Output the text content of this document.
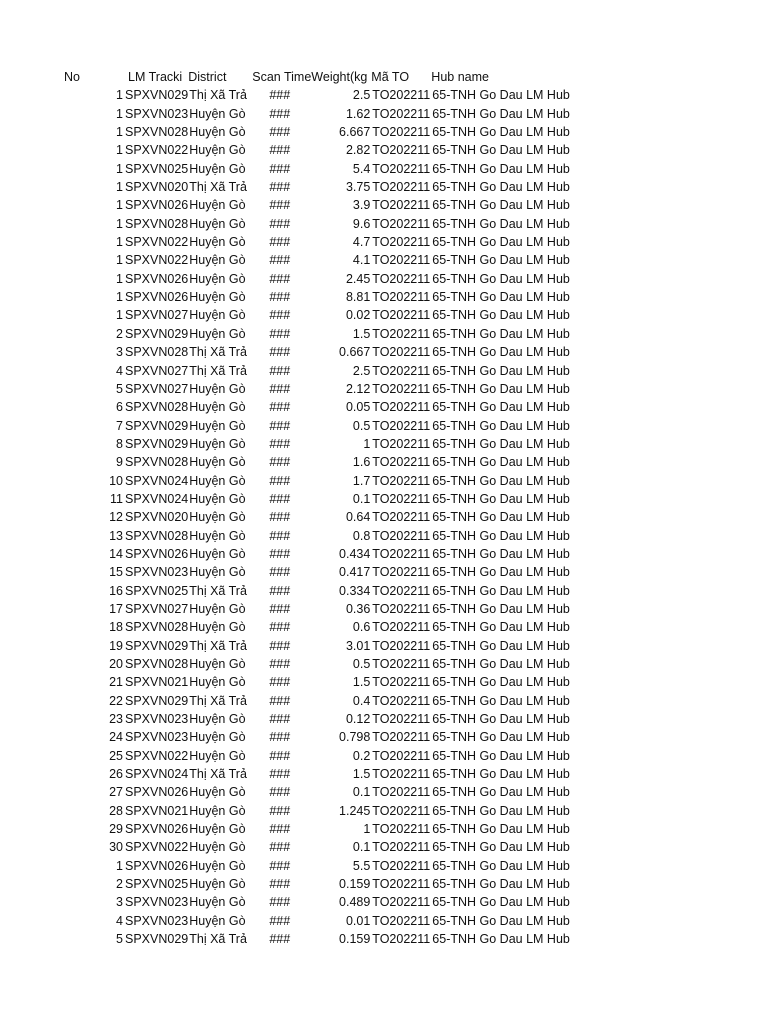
No	LM Tracki	District	Scan Time	Weight(kg	Mã TO	Hub name
1	SPXVN029	Thị Xã Trả	###	2.5	TO202211	65-TNH Go Dau LM Hub
1	SPXVN023	Huyện Gò	###	1.62	TO202211	65-TNH Go Dau LM Hub
1	SPXVN028	Huyện Gò	###	6.667	TO202211	65-TNH Go Dau LM Hub
1	SPXVN022	Huyện Gò	###	2.82	TO202211	65-TNH Go Dau LM Hub
1	SPXVN025	Huyện Gò	###	5.4	TO202211	65-TNH Go Dau LM Hub
1	SPXVN020	Thị Xã Trả	###	3.75	TO202211	65-TNH Go Dau LM Hub
1	SPXVN026	Huyện Gò	###	3.9	TO202211	65-TNH Go Dau LM Hub
1	SPXVN028	Huyện Gò	###	9.6	TO202211	65-TNH Go Dau LM Hub
1	SPXVN022	Huyện Gò	###	4.7	TO202211	65-TNH Go Dau LM Hub
1	SPXVN022	Huyện Gò	###	4.1	TO202211	65-TNH Go Dau LM Hub
1	SPXVN026	Huyện Gò	###	2.45	TO202211	65-TNH Go Dau LM Hub
1	SPXVN026	Huyện Gò	###	8.81	TO202211	65-TNH Go Dau LM Hub
1	SPXVN027	Huyện Gò	###	0.02	TO202211	65-TNH Go Dau LM Hub
2	SPXVN029	Huyện Gò	###	1.5	TO202211	65-TNH Go Dau LM Hub
3	SPXVN028	Thị Xã Trả	###	0.667	TO202211	65-TNH Go Dau LM Hub
4	SPXVN027	Thị Xã Trả	###	2.5	TO202211	65-TNH Go Dau LM Hub
5	SPXVN027	Huyện Gò	###	2.12	TO202211	65-TNH Go Dau LM Hub
6	SPXVN028	Huyện Gò	###	0.05	TO202211	65-TNH Go Dau LM Hub
7	SPXVN029	Huyện Gò	###	0.5	TO202211	65-TNH Go Dau LM Hub
8	SPXVN029	Huyện Gò	###	1	TO202211	65-TNH Go Dau LM Hub
9	SPXVN028	Huyện Gò	###	1.6	TO202211	65-TNH Go Dau LM Hub
10	SPXVN024	Huyện Gò	###	1.7	TO202211	65-TNH Go Dau LM Hub
11	SPXVN024	Huyện Gò	###	0.1	TO202211	65-TNH Go Dau LM Hub
12	SPXVN020	Huyện Gò	###	0.64	TO202211	65-TNH Go Dau LM Hub
13	SPXVN028	Huyện Gò	###	0.8	TO202211	65-TNH Go Dau LM Hub
14	SPXVN026	Huyện Gò	###	0.434	TO202211	65-TNH Go Dau LM Hub
15	SPXVN023	Huyện Gò	###	0.417	TO202211	65-TNH Go Dau LM Hub
16	SPXVN025	Thị Xã Trả	###	0.334	TO202211	65-TNH Go Dau LM Hub
17	SPXVN027	Huyện Gò	###	0.36	TO202211	65-TNH Go Dau LM Hub
18	SPXVN028	Huyện Gò	###	0.6	TO202211	65-TNH Go Dau LM Hub
19	SPXVN029	Thị Xã Trả	###	3.01	TO202211	65-TNH Go Dau LM Hub
20	SPXVN028	Huyện Gò	###	0.5	TO202211	65-TNH Go Dau LM Hub
21	SPXVN021	Huyện Gò	###	1.5	TO202211	65-TNH Go Dau LM Hub
22	SPXVN029	Thị Xã Trả	###	0.4	TO202211	65-TNH Go Dau LM Hub
23	SPXVN023	Huyện Gò	###	0.12	TO202211	65-TNH Go Dau LM Hub
24	SPXVN023	Huyện Gò	###	0.798	TO202211	65-TNH Go Dau LM Hub
25	SPXVN022	Huyện Gò	###	0.2	TO202211	65-TNH Go Dau LM Hub
26	SPXVN024	Thị Xã Trả	###	1.5	TO202211	65-TNH Go Dau LM Hub
27	SPXVN026	Huyện Gò	###	0.1	TO202211	65-TNH Go Dau LM Hub
28	SPXVN021	Huyện Gò	###	1.245	TO202211	65-TNH Go Dau LM Hub
29	SPXVN026	Huyện Gò	###	1	TO202211	65-TNH Go Dau LM Hub
30	SPXVN022	Huyện Gò	###	0.1	TO202211	65-TNH Go Dau LM Hub
1	SPXVN026	Huyện Gò	###	5.5	TO202211	65-TNH Go Dau LM Hub
2	SPXVN025	Huyện Gò	###	0.159	TO202211	65-TNH Go Dau LM Hub
3	SPXVN023	Huyện Gò	###	0.489	TO202211	65-TNH Go Dau LM Hub
4	SPXVN023	Huyện Gò	###	0.01	TO202211	65-TNH Go Dau LM Hub
5	SPXVN029	Thị Xã Trả	###	0.159	TO202211	65-TNH Go Dau LM Hub
